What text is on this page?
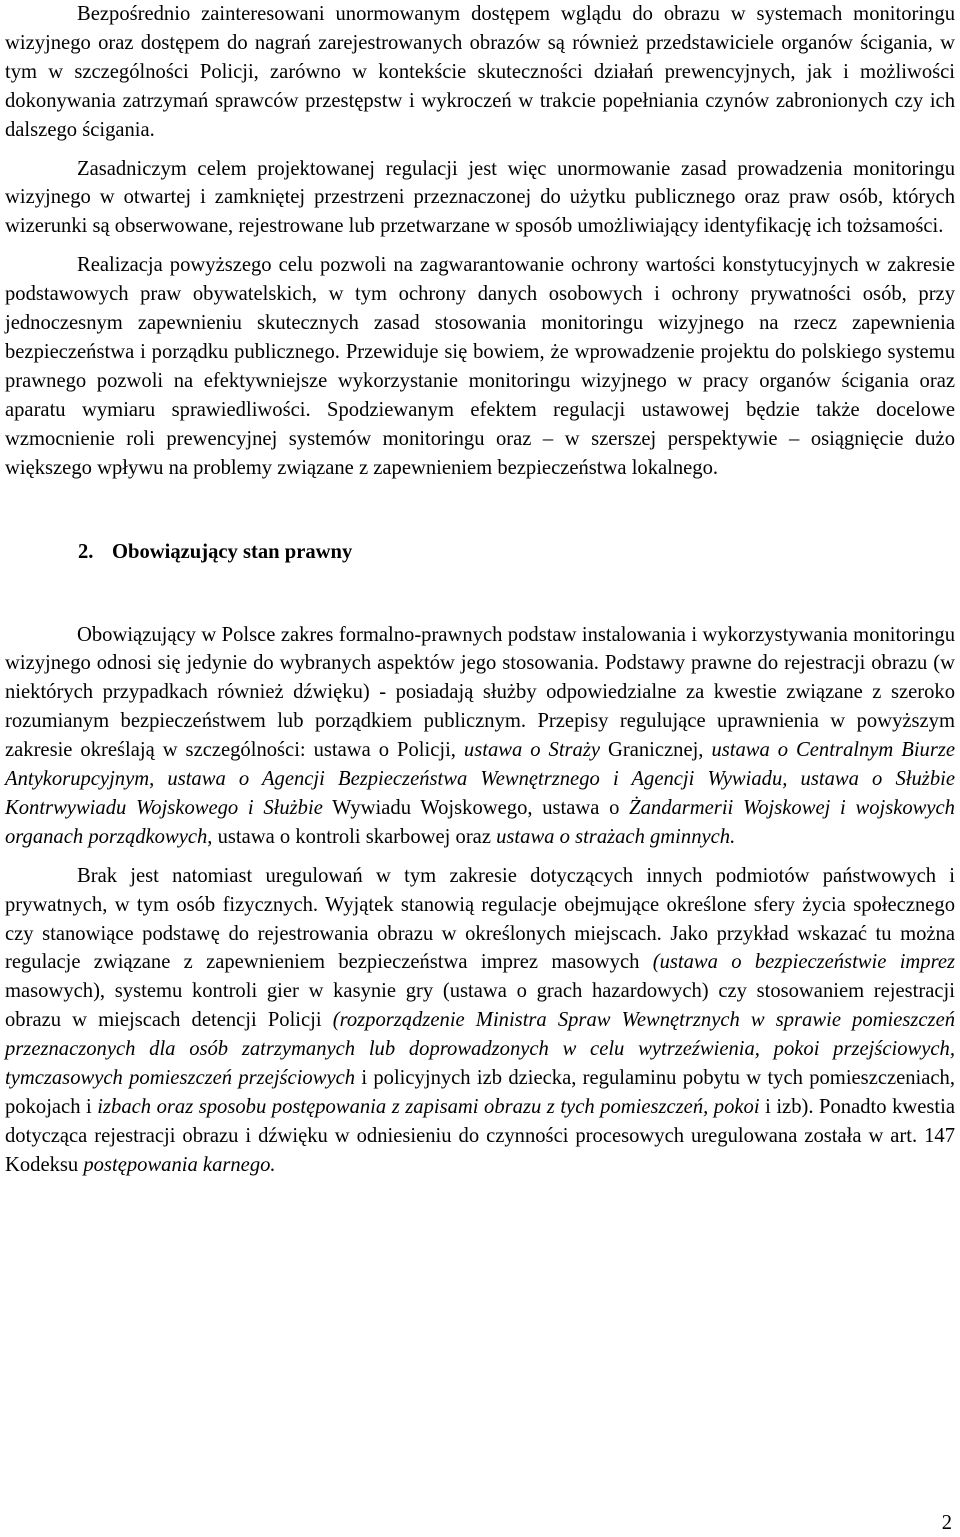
Bezpośrednio zainteresowani unormowanym dostępem wglądu do obrazu w systemach monitoringu wizyjnego oraz dostępem do nagrań zarejestrowanych obrazów są również przedstawiciele organów ścigania, w tym w szczególności Policji, zarówno w kontekście skuteczności działań prewencyjnych, jak i możliwości dokonywania zatrzymań sprawców przestępstw i wykroczeń w trakcie popełniania czynów zabronionych czy ich dalszego ścigania.

Zasadniczym celem projektowanej regulacji jest więc unormowanie zasad prowadzenia monitoringu wizyjnego w otwartej i zamkniętej przestrzeni przeznaczonej do użytku publicznego oraz praw osób, których wizerunki są obserwowane, rejestrowane lub przetwarzane w sposób umożliwiający identyfikację ich tożsamości.

Realizacja powyższego celu pozwoli na zagwarantowanie ochrony wartości konstytucyjnych w zakresie podstawowych praw obywatelskich, w tym ochrony danych osobowych i ochrony prywatności osób, przy jednoczesnym zapewnieniu skutecznych zasad stosowania monitoringu wizyjnego na rzecz zapewnienia bezpieczeństwa i porządku publicznego. Przewiduje się bowiem, że wprowadzenie projektu do polskiego systemu prawnego pozwoli na efektywniejsze wykorzystanie monitoringu wizyjnego w pracy organów ścigania oraz aparatu wymiaru sprawiedliwości. Spodziewanym efektem regulacji ustawowej będzie także docelowe wzmocnienie roli prewencyjnej systemów monitoringu oraz – w szerszej perspektywie – osiągnięcie dużo większego wpływu na problemy związane z zapewnieniem bezpieczeństwa lokalnego.

2. Obowiązujący stan prawny

Obowiązujący w Polsce zakres formalno-prawnych podstaw instalowania i wykorzystywania monitoringu wizyjnego odnosi się jedynie do wybranych aspektów jego stosowania. Podstawy prawne do rejestracji obrazu (w niektórych przypadkach również dźwięku) - posiadają służby odpowiedzialne za kwestie związane z szeroko rozumianym bezpieczeństwem lub porządkiem publicznym. Przepisy regulujące uprawnienia w powyższym zakresie określają w szczególności: ustawa o Policji, ustawa o Straży Granicznej, ustawa o Centralnym Biurze Antykorupcyjnym, ustawa o Agencji Bezpieczeństwa Wewnętrznego i Agencji Wywiadu, ustawa o Służbie Kontrwywiadu Wojskowego i Służbie Wywiadu Wojskowego, ustawa o Żandarmerii Wojskowej i wojskowych organach porządkowych, ustawa o kontroli skarbowej oraz ustawa o strażach gminnych.

Brak jest natomiast uregulowań w tym zakresie dotyczących innych podmiotów państwowych i prywatnych, w tym osób fizycznych. Wyjątek stanowią regulacje obejmujące określone sfery życia społecznego czy stanowiące podstawę do rejestrowania obrazu w określonych miejscach. Jako przykład wskazać tu można regulacje związane z zapewnieniem bezpieczeństwa imprez masowych (ustawa o bezpieczeństwie imprez masowych), systemu kontroli gier w kasynie gry (ustawa o grach hazardowych) czy stosowaniem rejestracji obrazu w miejscach detencji Policji (rozporządzenie Ministra Spraw Wewnętrznych w sprawie pomieszczeń przeznaczonych dla osób zatrzymanych lub doprowadzonych w celu wytrzeźwienia, pokoi przejściowych, tymczasowych pomieszczeń przejściowych i policyjnych izb dziecka, regulaminu pobytu w tych pomieszczeniach, pokojach i izbach oraz sposobu postępowania z zapisami obrazu z tych pomieszczeń, pokoi i izb). Ponadto kwestia dotycząca rejestracji obrazu i dźwięku w odniesieniu do czynności procesowych uregulowana została w art. 147 Kodeksu postępowania karnego.

2
